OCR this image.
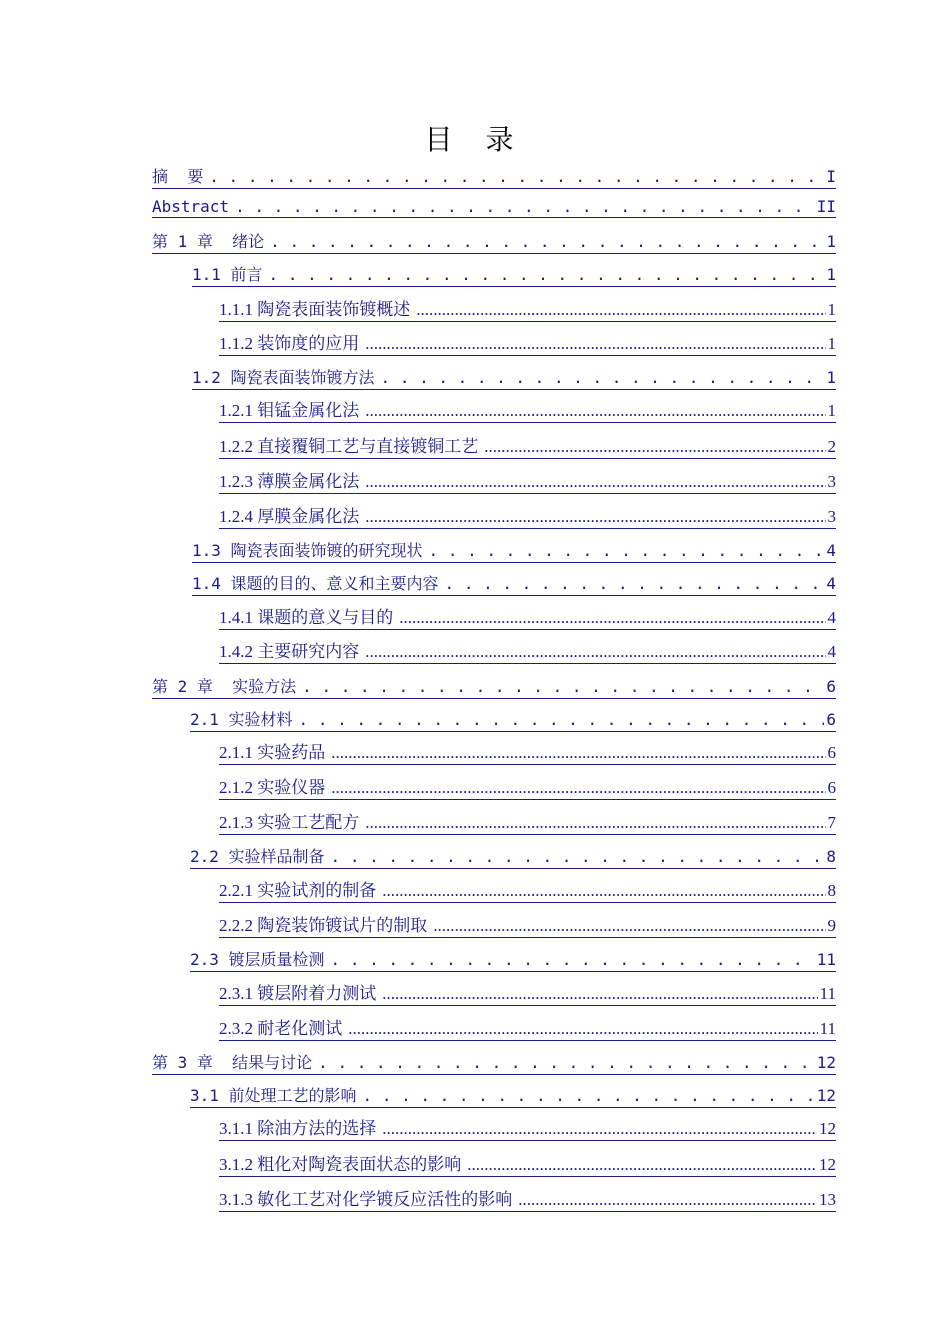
目 录
摘  要 . . .	I
Abstract . . .	II
第 1 章  绪论 . . .	1
1.1 前言 . . .	1
1.1.1 陶瓷表面装饰镀概述 .....	1
1.1.2 装饰度的应用 .....	1
1.2 陶瓷表面装饰镀方法 . . .	1
1.2.1 钼锰金属化法 .....	1
1.2.2 直接覆铜工艺与直接镀铜工艺 .....	2
1.2.3 薄膜金属化法 .....	3
1.2.4 厚膜金属化法 .....	3
1.3 陶瓷表面装饰镀的研究现状 . . .	4
1.4 课题的目的、意义和主要内容 . . .	4
1.4.1 课题的意义与目的 .....	4
1.4.2 主要研究内容 .....	4
第 2 章  实验方法 . . .	6
2.1 实验材料 . . .	6
2.1.1 实验药品 .....	6
2.1.2 实验仪器 .....	6
2.1.3 实验工艺配方 .....	7
2.2 实验样品制备 . . .	8
2.2.1 实验试剂的制备 .....	8
2.2.2 陶瓷装饰镀试片的制取 .....	9
2.3 镀层质量检测 . . .	11
2.3.1 镀层附着力测试 .....	11
2.3.2 耐老化测试 .....	11
第 3 章  结果与讨论 . . .	12
3.1 前处理工艺的影响 . . .	12
3.1.1 除油方法的选择 .....	12
3.1.2 粗化对陶瓷表面状态的影响 .....	12
3.1.3 敏化工艺对化学镀反应活性的影响 .....	13
